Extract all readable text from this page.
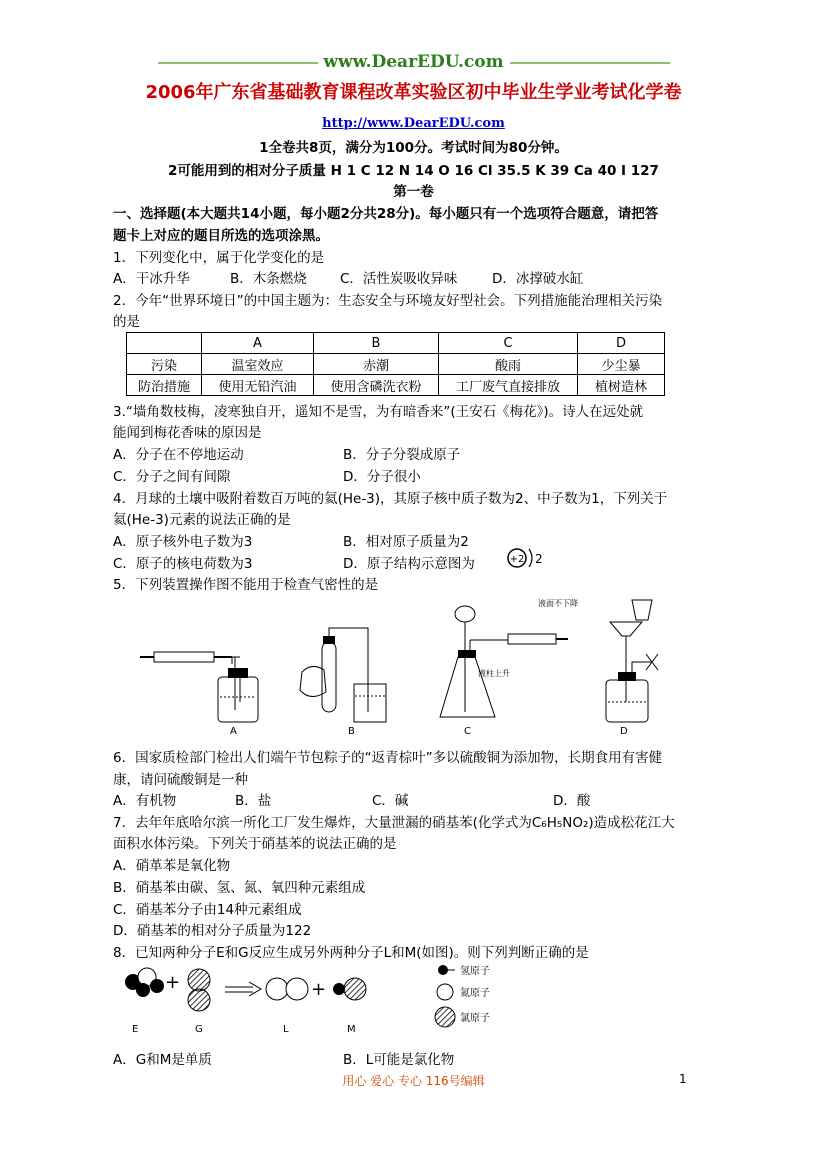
www.DearEDU.com
2006年广东省基础教育课程改革实验区初中毕业生学业考试化学卷
http://www.DearEDU.com
1全卷共8页，满分为100分。考试时间为80分钟。
2可能用到的相对分子质量 H 1 C 12 N 14 O 16 Cl 35.5 K 39 Ca 40 I 127
第一卷
一、选择题(本大题共14小题，每小题2分共28分)。每小题只有一个选项符合题意，请把答
题卡上对应的题目所选的选项涂黑。
1．下列变化中，属于化学变化的是
A．干冰升华	B．木条燃烧 C．活性炭吸收异味	D．冰撑破水缸
2．今年“世界环境日”的中国主题为：生态安全与环境友好型社会。下列措施能治理相关污染
的是
	A	B	C	D
污染	温室效应	赤潮	酸雨	少尘暴
防治措施	使用无铅汽油	使用含磷洗衣粉	工厂废气直接排放	植树造林
3.“墙角数枝梅，凌寒独自开，遥知不是雪，为有暗香来”(王安石《梅花》)。诗人在远处就
能闻到梅花香味的原因是
A．分子在不停地运动	B．分子分裂成原子
C．分子之间有间隙	D．分子很小
4．月球的土壤中吸附着数百万吨的氦(He-3)，其原子核中质子数为2、中子数为1，下列关于
氦(He-3)元素的说法正确的是
A．原子核外电子数为3	B．相对原子质量为2
C．原子的核电荷数为3	D．原子结构示意图为	+2 2
5．下列装置操作图不能用于检查气密性的是
A	B
液柱上升
C
液面不下降
D
6．国家质检部门检出人们端午节包粽子的“返青棕叶”多以硫酸铜为添加物，长期食用有害健
康，请问硫酸铜是一种
A．有机物	B．盐	C．碱	D．酸
7．去年年底哈尔滨一所化工厂发生爆炸，大量泄漏的硝基苯(化学式为C₆H₅NO₂)造成松花江大
面积水体污染。下列关于硝基苯的说法正确的是
A．硝革苯是氧化物
B．硝基苯由碳、氢、氮、氧四种元素组成
C．硝基苯分子由14种元素组成
D．硝基苯的相对分子质量为122
8．已知两种分子E和G反应生成另外两种分子L和M(如图)。则下列判断正确的是
E
+
G	L
+
M
氢原子
氮原子
氯原子
A．G和M是单质	B．L可能是氯化物
用心 爱心 专心 116号编辑	1
